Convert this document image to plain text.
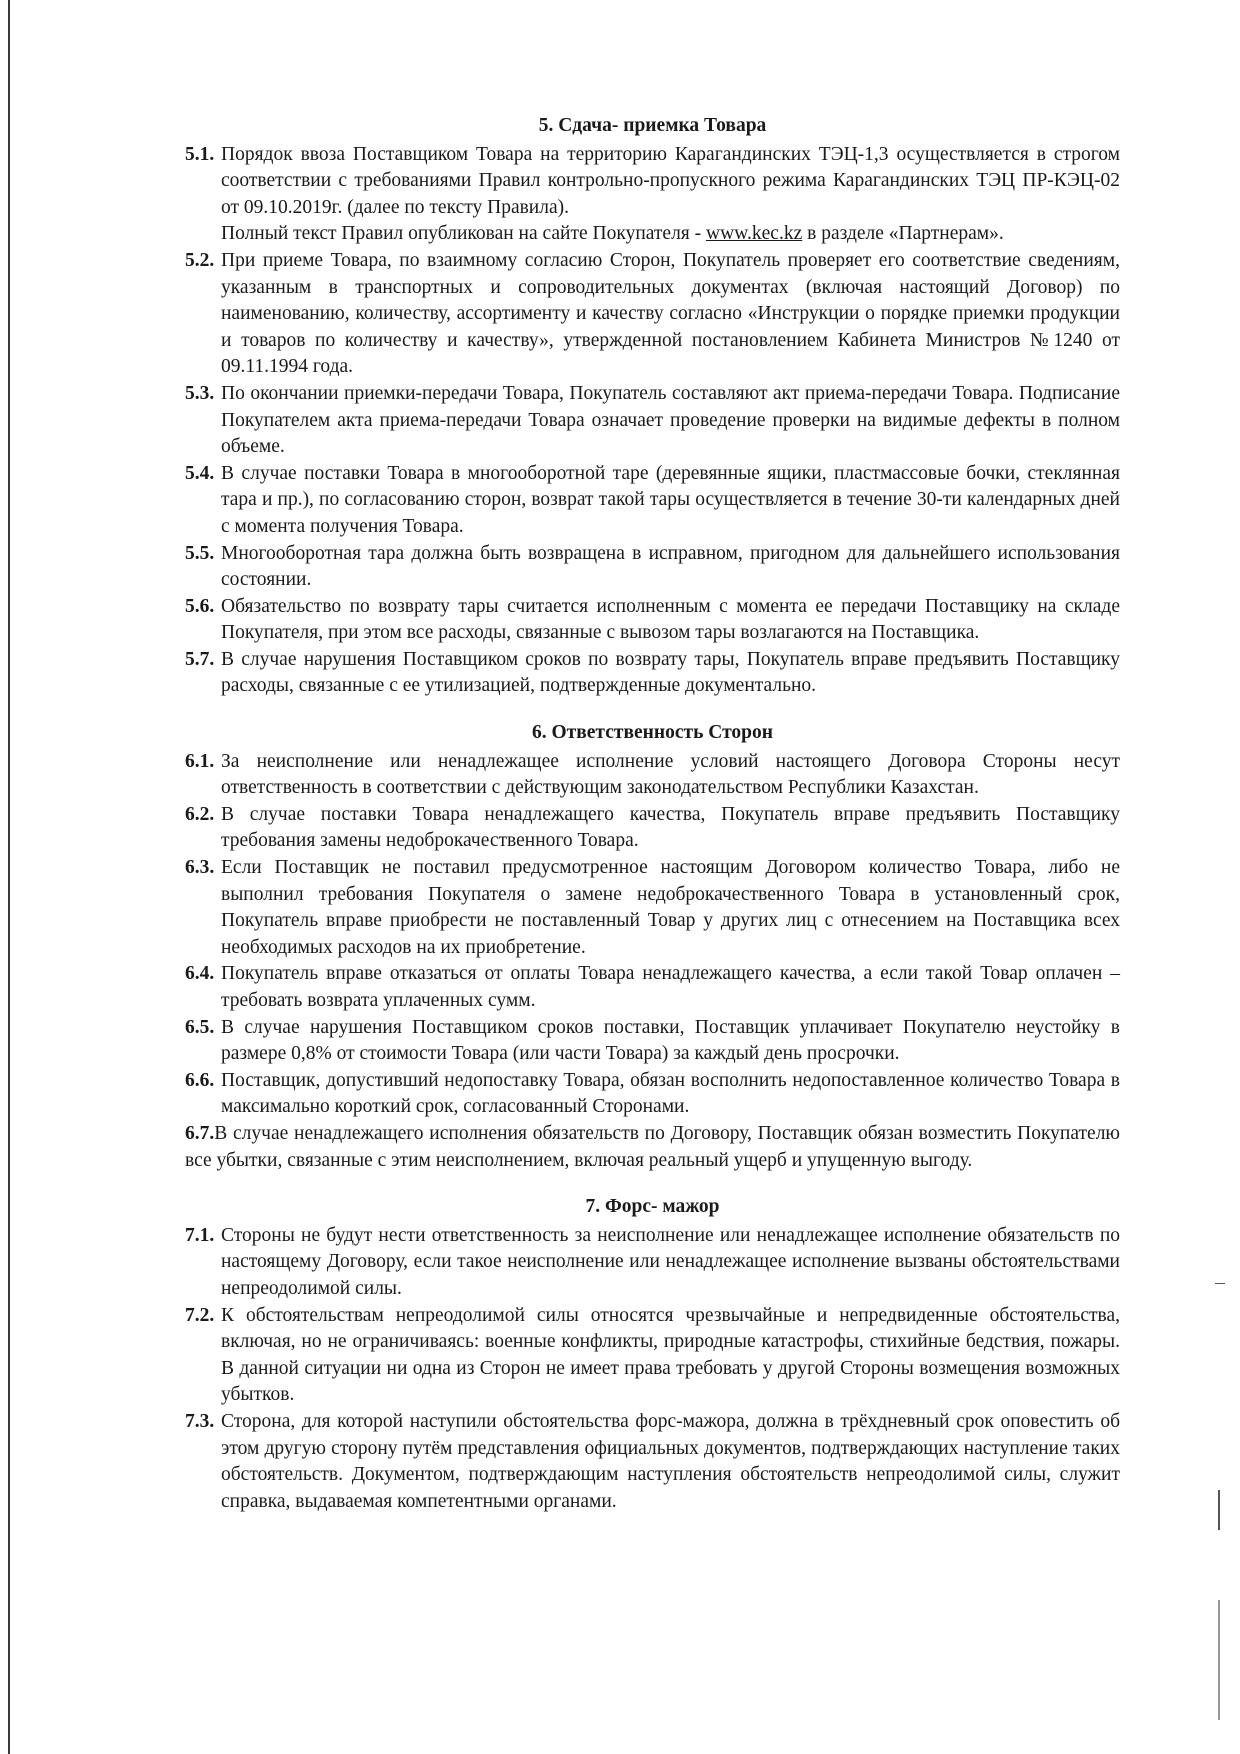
5. Сдача- приемка Товара
5.1. Порядок ввоза Поставщиком Товара на территорию Карагандинских ТЭЦ-1,3 осуществляется в строгом соответствии с требованиями Правил контрольно-пропускного режима Карагандинских ТЭЦ ПР-КЭЦ-02 от 09.10.2019г. (далее по тексту Правила).
Полный текст Правил опубликован на сайте Покупателя - www.kec.kz в разделе «Партнерам».
5.2. При приеме Товара, по взаимному согласию Сторон, Покупатель проверяет его соответствие сведениям, указанным в транспортных и сопроводительных документах (включая настоящий Договор) по наименованию, количеству, ассортименту и качеству согласно «Инструкции о порядке приемки продукции и товаров по количеству и качеству», утвержденной постановлением Кабинета Министров №1240 от 09.11.1994 года.
5.3. По окончании приемки-передачи Товара, Покупатель составляют акт приема-передачи Товара. Подписание Покупателем акта приема-передачи Товара означает проведение проверки на видимые дефекты в полном объеме.
5.4. В случае поставки Товара в многооборотной таре (деревянные ящики, пластмассовые бочки, стеклянная тара и пр.), по согласованию сторон, возврат такой тары осуществляется в течение 30-ти календарных дней с момента получения Товара.
5.5. Многооборотная тара должна быть возвращена в исправном, пригодном для дальнейшего использования состоянии.
5.6. Обязательство по возврату тары считается исполненным с момента ее передачи Поставщику на складе Покупателя, при этом все расходы, связанные с вывозом тары возлагаются на Поставщика.
5.7. В случае нарушения Поставщиком сроков по возврату тары, Покупатель вправе предъявить Поставщику расходы, связанные с ее утилизацией, подтвержденные документально.
6. Ответственность Сторон
6.1. За неисполнение или ненадлежащее исполнение условий настоящего Договора Стороны несут ответственность в соответствии с действующим законодательством Республики Казахстан.
6.2. В случае поставки Товара ненадлежащего качества, Покупатель вправе предъявить Поставщику требования замены недоброкачественного Товара.
6.3. Если Поставщик не поставил предусмотренное настоящим Договором количество Товара, либо не выполнил требования Покупателя о замене недоброкачественного Товара в установленный срок, Покупатель вправе приобрести не поставленный Товар у других лиц с отнесением на Поставщика всех необходимых расходов на их приобретение.
6.4. Покупатель вправе отказаться от оплаты Товара ненадлежащего качества, а если такой Товар оплачен – требовать возврата уплаченных сумм.
6.5. В случае нарушения Поставщиком сроков поставки, Поставщик уплачивает Покупателю неустойку в размере 0,8% от стоимости Товара (или части Товара) за каждый день просрочки.
6.6. Поставщик, допустивший недопоставку Товара, обязан восполнить недопоставленное количество Товара в максимально короткий срок, согласованный Сторонами.
6.7.В случае ненадлежащего исполнения обязательств по Договору, Поставщик обязан возместить Покупателю все убытки, связанные с этим неисполнением, включая реальный ущерб и упущенную выгоду.
7. Форс- мажор
7.1. Стороны не будут нести ответственность за неисполнение или ненадлежащее исполнение обязательств по настоящему Договору, если такое неисполнение или ненадлежащее исполнение вызваны обстоятельствами непреодолимой силы.
7.2. К обстоятельствам непреодолимой силы относятся чрезвычайные и непредвиденные обстоятельства, включая, но не ограничиваясь: военные конфликты, природные катастрофы, стихийные бедствия, пожары. В данной ситуации ни одна из Сторон не имеет права требовать у другой Стороны возмещения возможных убытков.
7.3. Сторона, для которой наступили обстоятельства форс-мажора, должна в трёхдневный срок оповестить об этом другую сторону путём представления официальных документов, подтверждающих наступление таких обстоятельств. Документом, подтверждающим наступления обстоятельств непреодолимой силы, служит справка, выдаваемая компетентными органами.
